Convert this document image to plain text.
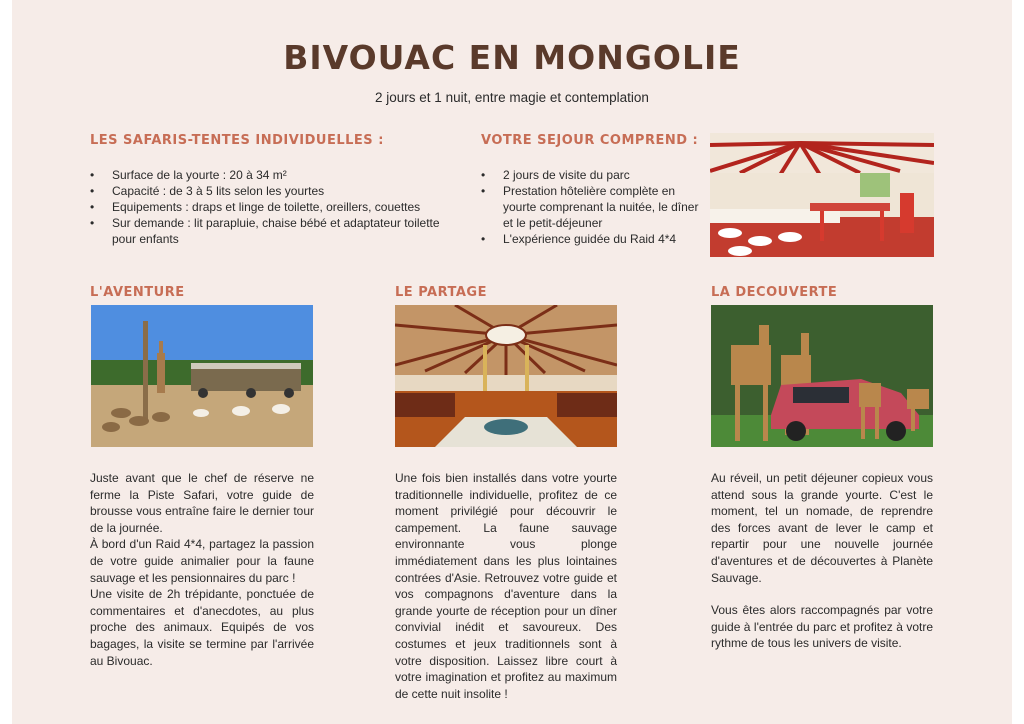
BIVOUAC EN MONGOLIE
2 jours et 1 nuit, entre magie et contemplation
LES SAFARIS-TENTES INDIVIDUELLES :
• Surface de la yourte : 20 à 34 m²
• Capacité : de 3 à 5 lits selon les yourtes
• Equipements : draps et linge de toilette, oreillers, couettes
• Sur demande : lit parapluie, chaise bébé et adaptateur toilette pour enfants
VOTRE SEJOUR COMPREND :
• 2 jours de visite du parc
• Prestation hôtelière complète en yourte comprenant la nuitée, le dîner et le petit-déjeuner
• L'expérience guidée du Raid 4*4
L'AVENTURE	LE PARTAGE	LA DECOUVERTE

Juste avant que le chef de réserve ne ferme la Piste Safari, votre guide de brousse vous entraîne faire le dernier tour de la journée.

À bord d'un Raid 4*4, partagez la passion de votre guide animalier pour la faune sauvage et les pensionnaires du parc !

Une visite de 2h trépidante, ponctuée de commentaires et d'anecdotes, au plus proche des animaux. Equipés de vos bagages, la visite se termine par l'arrivée au Bivouac.

Une fois bien installés dans votre yourte traditionnelle individuelle, profitez de ce moment privilégié pour découvrir le campement. La faune sauvage environnante vous plonge immédiatement dans les plus lointaines contrées d'Asie. Retrouvez votre guide et vos compagnons d'aventure dans la grande yourte de réception pour un dîner convivial inédit et savoureux. Des costumes et jeux traditionnels sont à votre disposition. Laissez libre court à votre imagination et profitez au maximum de cette nuit insolite !

Au réveil, un petit déjeuner copieux vous attend sous la grande yourte. C'est le moment, tel un nomade, de reprendre des forces avant de lever le camp et repartir pour une nouvelle journée d'aventures et de découvertes à Planète Sauvage.

Vous êtes alors raccompagnés par votre guide à l'entrée du parc et profitez à votre rythme de tous les univers de visite.
